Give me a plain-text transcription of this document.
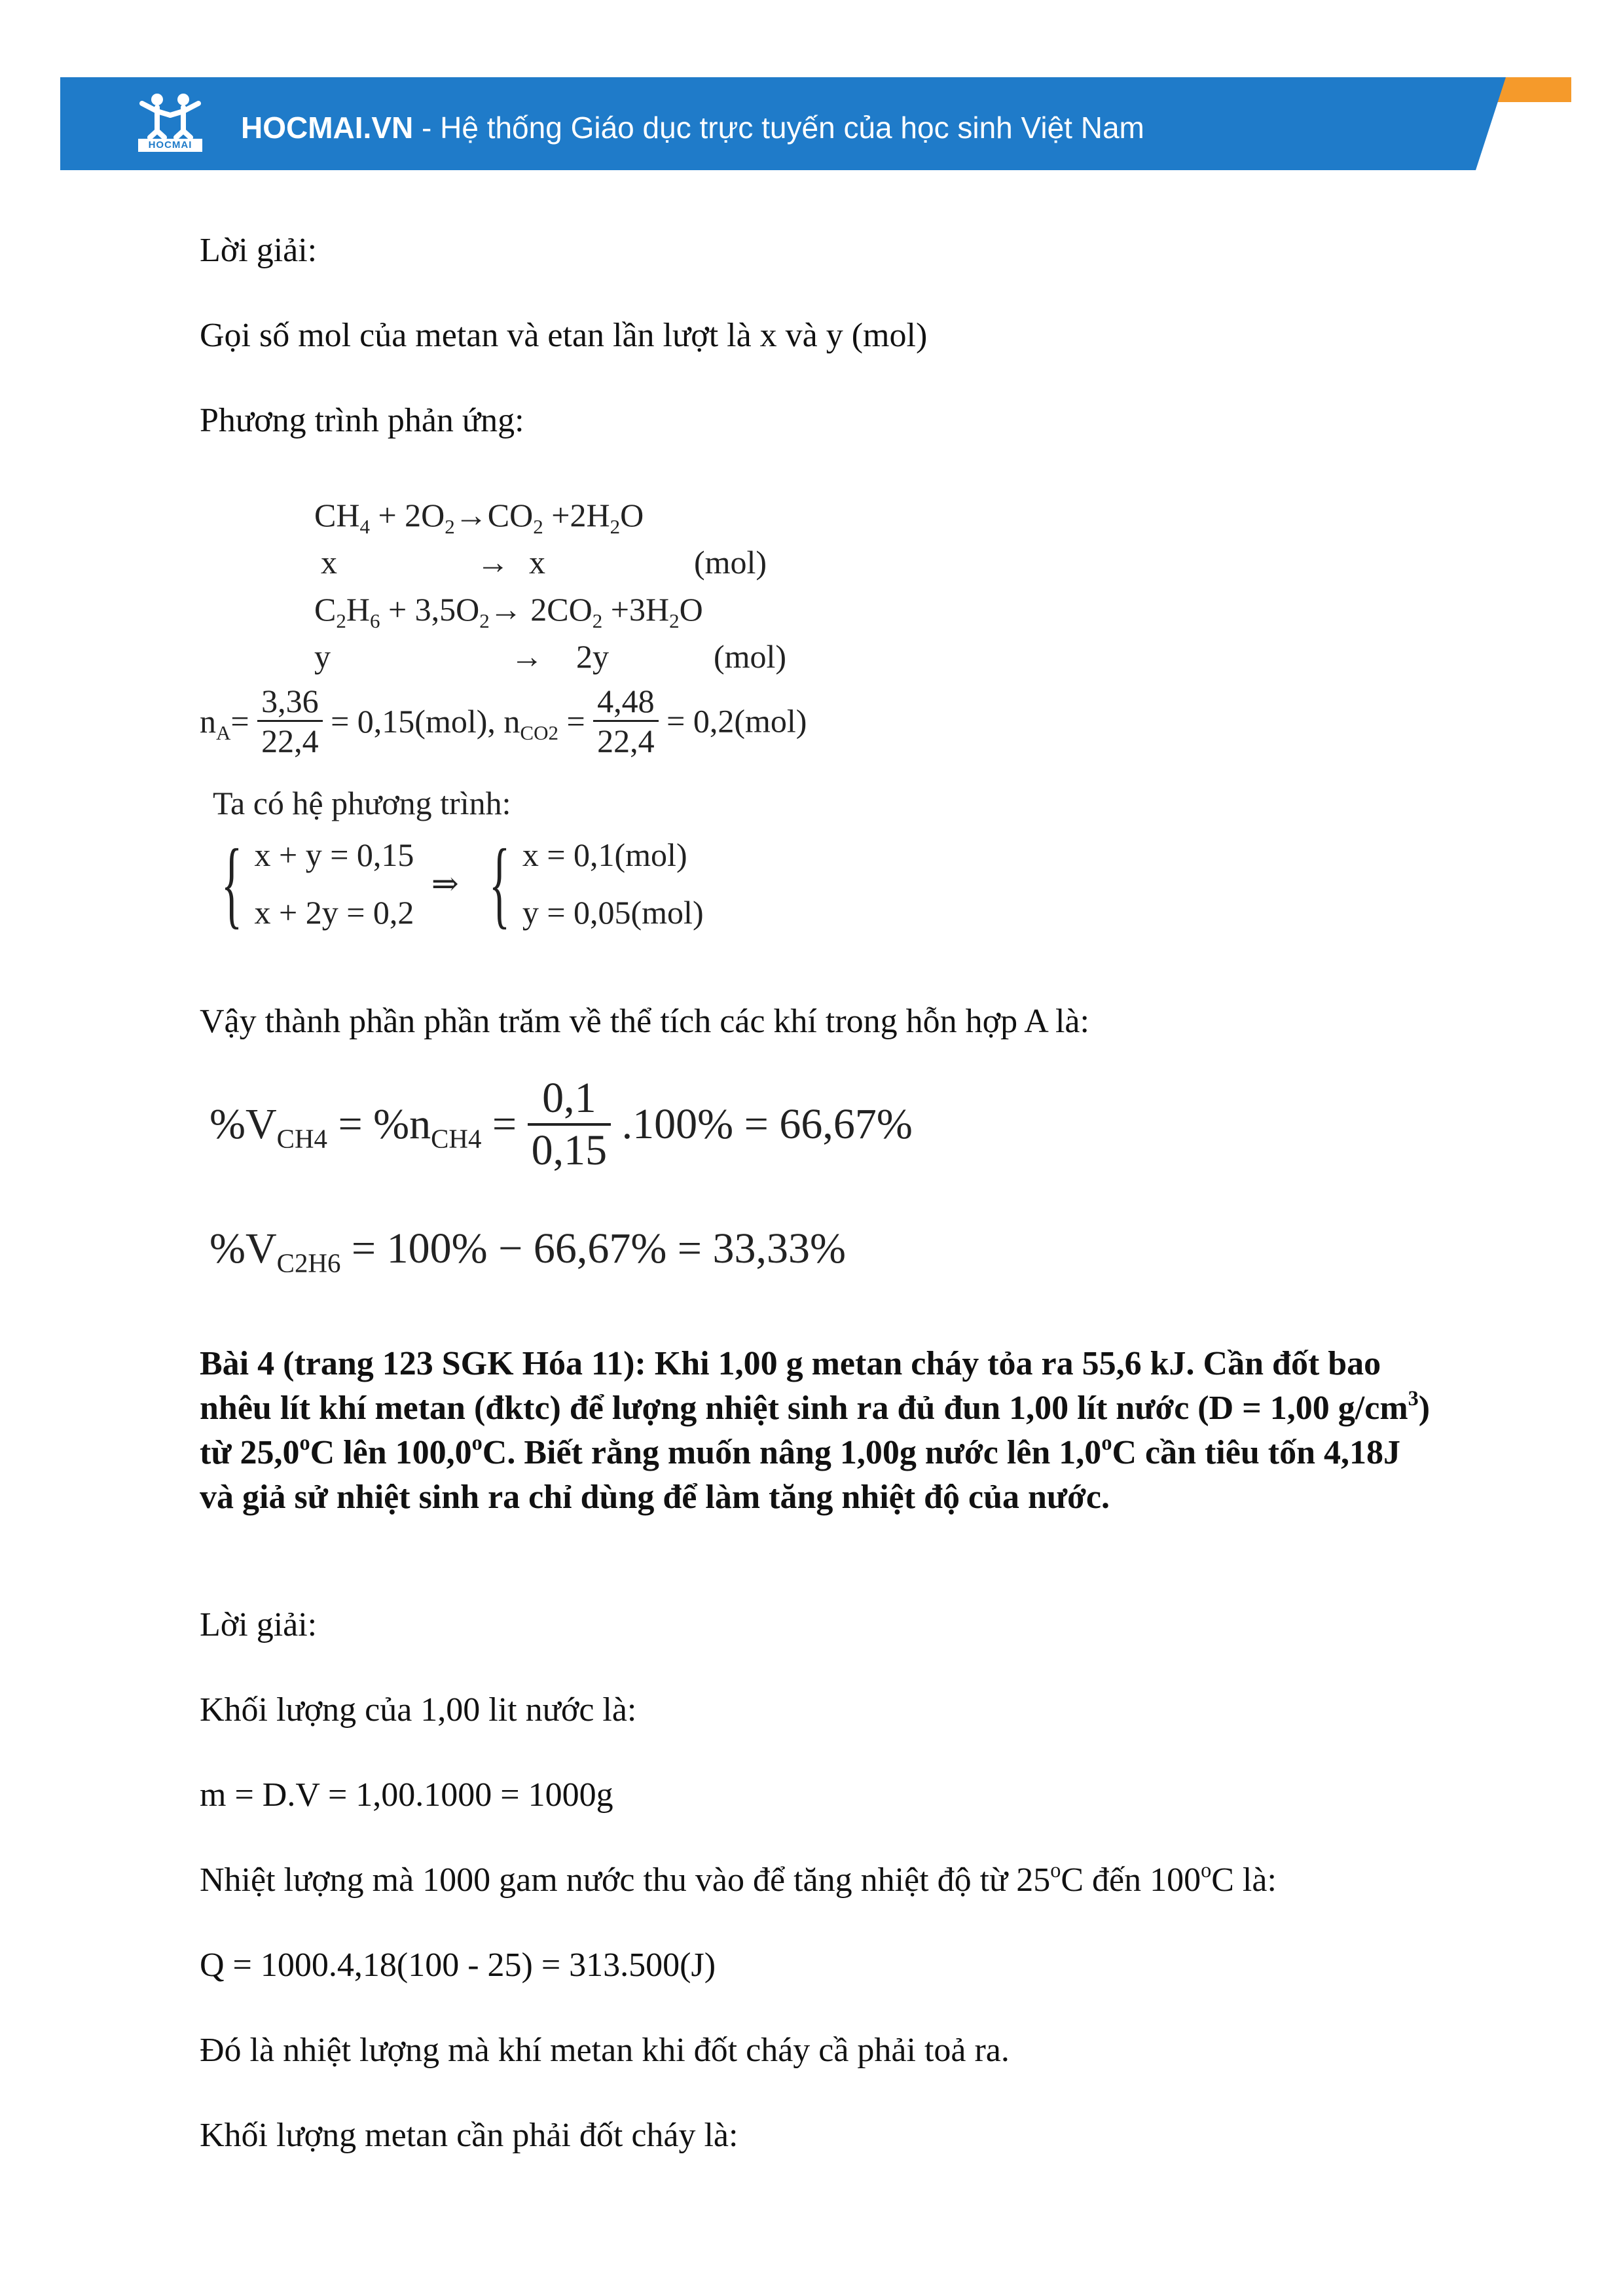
HOCMAI
HOCMAI.VN - Hệ thống Giáo dục trực tuyến của học sinh Việt Nam
Lời giải:
Gọi số mol của metan và etan lần lượt là x và y (mol)
Phương trình phản ứng:
$CH_4 + 2O_2\to CO_2 +2H_2O$
x	→ x	(mol)
$C_2H_6 + 3,5O_2\to 2CO_2 +3H_2O$
y	→ 2y	(mol)
$n_A= \frac{3,36}{22,4} = 0,15(mol)$, $n_{CO2} = \frac{4,48}{22,4} = 0,2(mol)$
Ta có hệ phương trình:
{ x + y = 0,15
x + 2y = 0,2 ⇒ { x = 0,1(mol)
y = 0,05(mol)
Vậy thành phần phần trăm về thể tích các khí trong hỗn hợp A là:
$\%V_{CH4} = \%n_{CH4} = \frac{0,1}{0,15} .100\% = 66,67\%$
$\%V_{C2H6} = 100\% - 66,67\% = 33,33\%$
Bài 4 (trang 123 SGK Hóa 11): Khi 1,00 g metan cháy tỏa ra 55,6 kJ. Cần đốt bao nhêu lít khí metan (đktc) để lượng nhiệt sinh ra đủ đun 1,00 lít nước (D = 1,00 $g/cm^3$) từ 25,0$^o$C lên 100,0$^o$C. Biết rằng muốn nâng 1,00g nước lên 1,0$^o$C cần tiêu tốn 4,18J và giả sử nhiệt sinh ra chỉ dùng để làm tăng nhiệt độ của nước.
Lời giải:
Khối lượng của 1,00 lit nước là:
m = D.V = 1,00.1000 = 1000g
Nhiệt lượng mà 1000 gam nước thu vào để tăng nhiệt độ từ 25$^o$C đến 100$^o$C là:
Q = 1000.4,18(100 - 25) = 313.500(J)
Đó là nhiệt lượng mà khí metan khi đốt cháy cầ phải toả ra.
Khối lượng metan cần phải đốt cháy là:
